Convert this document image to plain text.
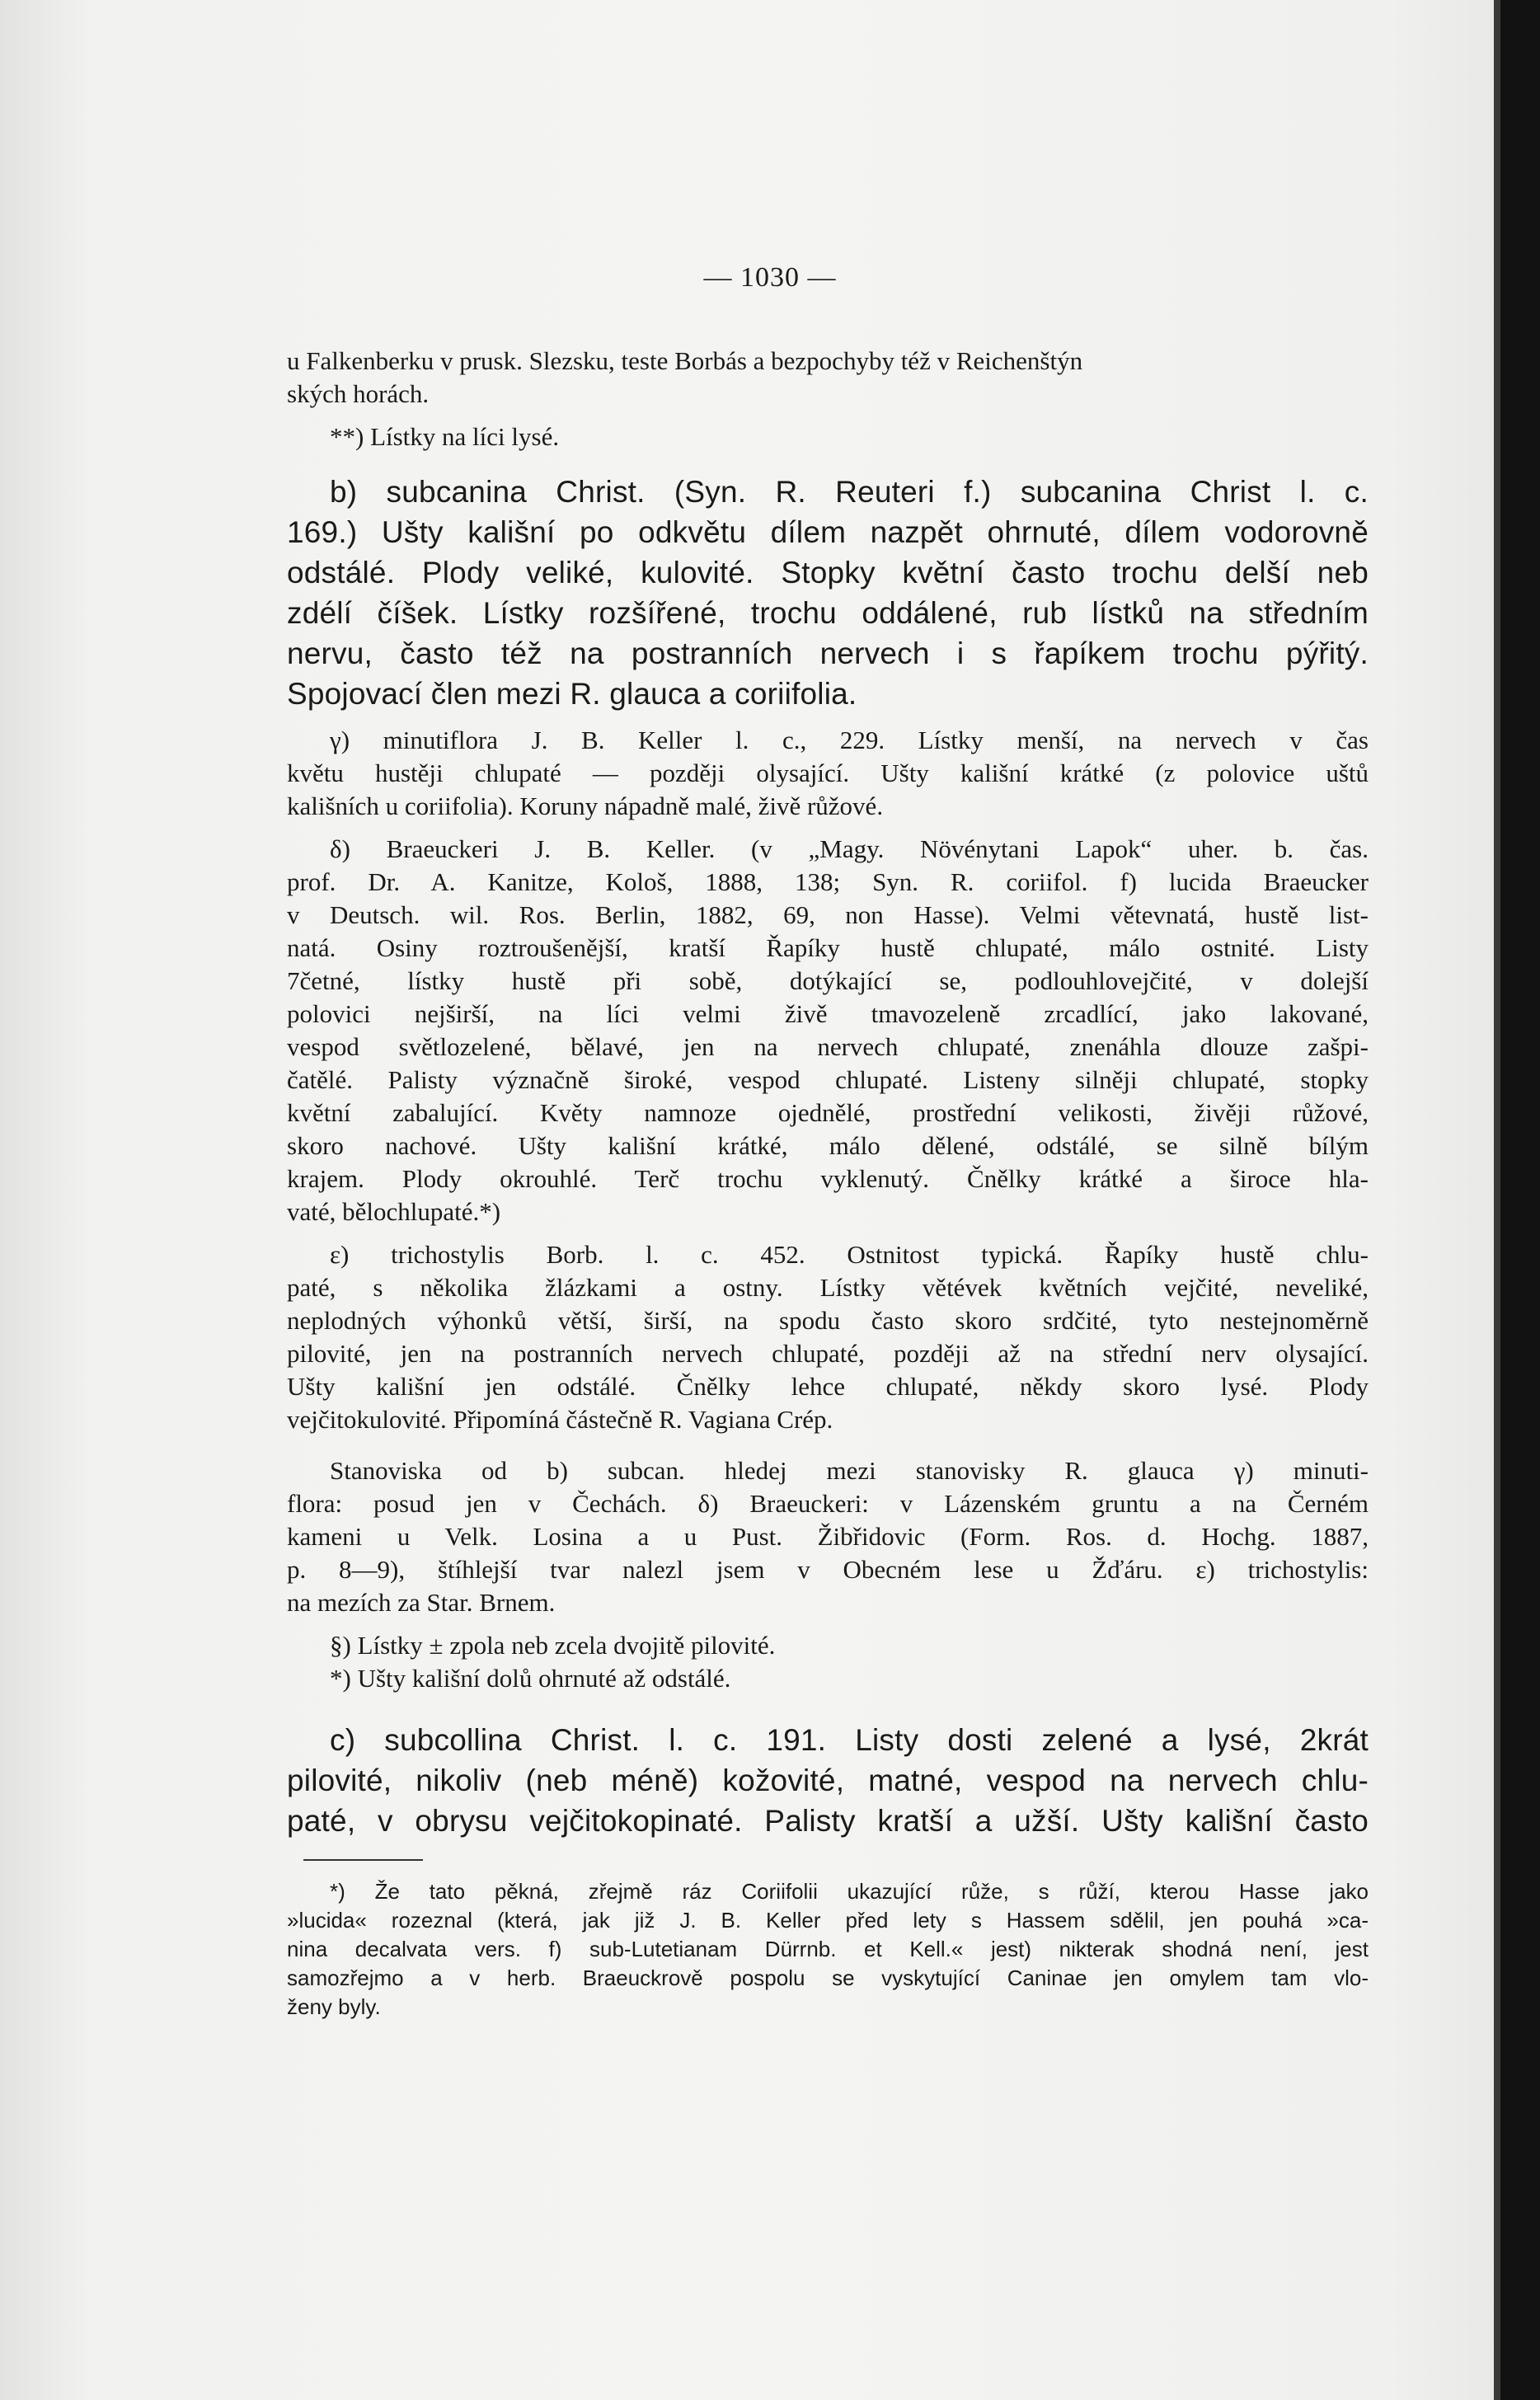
— 1030 —
u Falkenberku v prusk. Slezsku, teste Borbás a bezpochyby též v Reichenštýn
ských horách.
**) Lístky na líci lysé.
b) subcanina Christ. (Syn. R. Reuteri f.) subcanina Christ l. c.
169.) Ušty kališní po odkvětu dílem nazpět ohrnuté, dílem vodorovně
odstálé. Plody veliké, kulovité. Stopky květní často trochu delší neb
zdélí číšek. Lístky rozšířené, trochu oddálené, rub lístků na středním
nervu, často též na postranních nervech i s řapíkem trochu pýřitý.
Spojovací člen mezi R. glauca a coriifolia.
γ) minutiflora J. B. Keller l. c., 229. Lístky menší, na nervech v čas
květu hustěji chlupaté — později olysající. Ušty kališní krátké (z polovice uštů
kališních u coriifolia). Koruny nápadně malé, živě růžové.
δ) Braeuckeri J. B. Keller. (v „Magy. Növénytani Lapok“ uher. b. čas.
prof. Dr. A. Kanitze, Kološ, 1888, 138; Syn. R. coriifol. f) lucida Braeucker
v Deutsch. wil. Ros. Berlin, 1882, 69, non Hasse). Velmi větevnatá, hustě list-
natá. Osiny roztroušenější, kratší Řapíky hustě chlupaté, málo ostnité. Listy
7četné, lístky hustě při sobě, dotýkající se, podlouhlovejčité, v dolejší
polovici nejširší, na líci velmi živě tmavozeleně zrcadlící, jako lakované,
vespod světlozelené, bělavé, jen na nervech chlupaté, znenáhla dlouze zašpi-
čatělé. Palisty význačně široké, vespod chlupaté. Listeny silněji chlupaté, stopky
květní zabalující. Květy namnoze ojednělé, prostřední velikosti, živěji růžové,
skoro nachové. Ušty kališní krátké, málo dělené, odstálé, se silně bílým
krajem. Plody okrouhlé. Terč trochu vyklenutý. Čnělky krátké a široce hla-
vaté, bělochlupaté.*)
ε) trichostylis Borb. l. c. 452. Ostnitost typická. Řapíky hustě chlu-
paté, s několika žlázkami a ostny. Lístky větévek květních vejčité, neveliké,
neplodných výhonků větší, širší, na spodu často skoro srdčité, tyto nestejnoměrně
pilovité, jen na postranních nervech chlupaté, později až na střední nerv olysající.
Ušty kališní jen odstálé. Čnělky lehce chlupaté, někdy skoro lysé. Plody
vejčitokulovité. Připomíná částečně R. Vagiana Crép.
Stanoviska od b) subcan. hledej mezi stanovisky R. glauca γ) minuti-
flora: posud jen v Čechách. δ) Braeuckeri: v Lázenském gruntu a na Černém
kameni u Velk. Losina a u Pust. Žibřidovic (Form. Ros. d. Hochg. 1887,
p. 8—9), štíhlejší tvar nalezl jsem v Obecném lese u Žďáru. ε) trichostylis:
na mezích za Star. Brnem.
§) Lístky ± zpola neb zcela dvojitě pilovité.
*) Ušty kališní dolů ohrnuté až odstálé.
c) subcollina Christ. l. c. 191. Listy dosti zelené a lysé, 2krát
pilovité, nikoliv (neb méně) kožovité, matné, vespod na nervech chlu-
paté, v obrysu vejčitokopinaté. Palisty kratší a užší. Ušty kališní často
*) Že tato pěkná, zřejmě ráz Coriifolii ukazující růže, s růží, kterou Hasse jako
»lucida« rozeznal (která, jak již J. B. Keller před lety s Hassem sdělil, jen pouhá »ca-
nina decalvata vers. f) sub-Lutetianam Dürrnb. et Kell.« jest) nikterak shodná není, jest
samozřejmo a v herb. Braeuckrově pospolu se vyskytující Caninae jen omylem tam vlo-
ženy byly.
